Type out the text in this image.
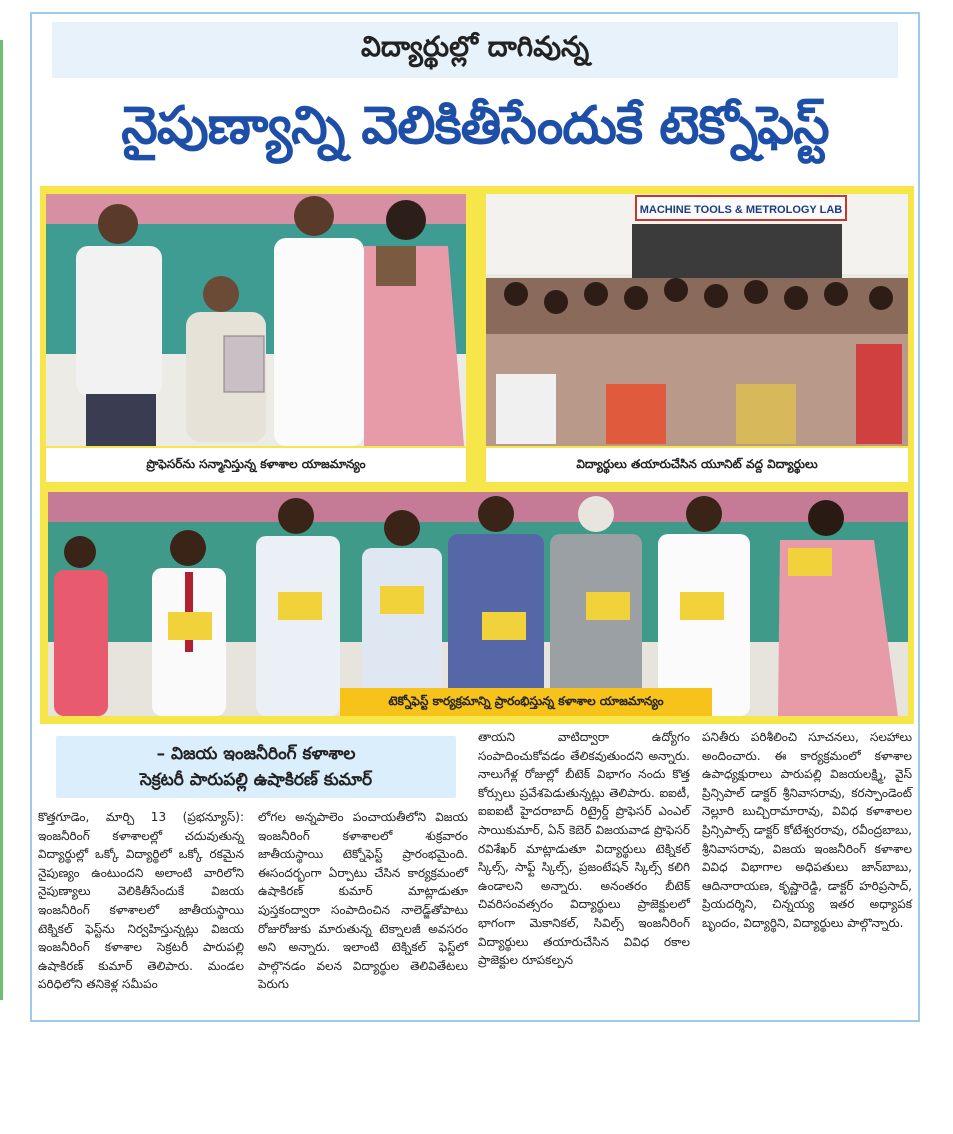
విద్యార్థుల్లో దాగివున్న
నైపుణ్యాన్ని వెలికితీసేందుకే టెక్నోఫెస్ట్
ప్రొఫెసర్‌ను సన్మానిస్తున్న కళాశాల యాజమాన్యం
MACHINE TOOLS & METROLOGY LAB
విద్యార్థులు తయారుచేసిన యూనిట్ వద్ద విద్యార్థులు
టెక్నోఫెస్ట్ కార్యక్రమాన్ని ప్రారంభిస్తున్న కళాశాల యాజమాన్యం
– విజయ ఇంజనీరింగ్ కళాశాల
సెక్రటరీ పారుపల్లి ఉషాకిరణ్ కుమార్
కొత్తగూడెం, మార్చి 13 (ప్రభన్యూస్): ఇంజనీరింగ్ కళాశాలల్లో చదువుతున్న విద్యార్థుల్లో ఒక్కో విద్యార్థిలో ఒక్కో రకమైన నైపుణ్యం ఉంటుందని అలాంటి వారిలోని నైపుణ్యాలు వెలికితీసేందుకే విజయ ఇంజనీరింగ్ కళాశాలలో జాతీయస్థాయి టెక్నికల్ ఫెస్ట్‌ను నిర్వహిస్తున్నట్లు విజయ ఇంజనీరింగ్ కళాశాల సెక్రటరీ పారుపల్లి ఉషాకిరణ్ కుమార్ తెలిపారు. మండల పరిధిలోని తనికెళ్ల సమీపం
లోగల అన్నపాలెం పంచాయతీలోని విజయ ఇంజనీరింగ్ కళాశాలలో శుక్రవారం జాతీయస్థాయి టెక్నోఫెస్ట్ ప్రారంభమైంది. ఈసందర్భంగా ఏర్పాటు చేసిన కార్యక్రమంలో ఉషాకిరణ్ కుమార్ మాట్లాడుతూ పుస్తకంద్వారా సంపాదించిన నాలెడ్జ్‌తోపాటు రోజురోజుకు మారుతున్న టెక్నాలజీ అవసరం అని అన్నారు. ఇలాంటి టెక్నికల్ ఫెస్ట్‌లో పాల్గొనడం వలన విద్యార్థుల తెలివితేటలు పెరుగు
తాయని వాటిద్వారా ఉద్యోగం సంపాదించుకోవడం తేలికవుతుందని అన్నారు. నాలుగేళ్ల రోజుల్లో బీటెక్ విభాగం నందు కొత్త కోర్సులు ప్రవేశపెడుతున్నట్లు తెలిపారు. ఐఐటీ, ఐఐఐటీ హైదరాబాద్ రిట్రైర్డ్ ప్రొఫెసర్ ఎంఎల్ సాయికుమార్, ఏన్ కెబెర్ విజయవాడ ప్రొఫెసర్ రవిశేఖర్ మాట్లాడుతూ విద్యార్థులు టెక్నికల్ స్కిల్స్, సాఫ్ట్ స్కిల్స్, ప్రజంటేషన్ స్కిల్స్ కలిగి ఉండాలని అన్నారు. అనంతరం బీటెక్ చివరిసంవత్సరం విద్యార్థులు ప్రాజెక్టులలో భాగంగా మెకానికల్, సివిల్స్ ఇంజనీరింగ్ విద్యార్థులు తయారుచేసిన వివిధ రకాల ప్రాజెక్టుల రూపకల్పన
పనితీరు పరిశీలించి సూచనలు, సలహాలు అందించారు. ఈ కార్యక్రమంలో కళాశాల ఉపాధ్యక్షురాలు పారుపల్లి విజయలక్ష్మి, వైస్ ప్రిన్సిపాల్ డాక్టర్ శ్రీనివాసరావు, కరస్పాండెంట్ నెల్లూరి బుచ్చిరామారావు, వివిధ కళాశాలల ప్రిన్సిపాల్స్ డాక్టర్ కోటేశ్వరరావు, రవీంద్రబాబు, శ్రీనివాసరావు, విజయ ఇంజనీరింగ్ కళాశాల వివిధ విభాగాల అధిపతులు జాన్‌బాబు, ఆదినారాయణ, కృష్ణారెడ్డి, డాక్టర్ హరిప్రసాద్, ప్రియదర్శిని, చిన్నయ్య ఇతర అధ్యాపక బృందం, విద్యార్థిని, విద్యార్థులు పాల్గొన్నారు.
